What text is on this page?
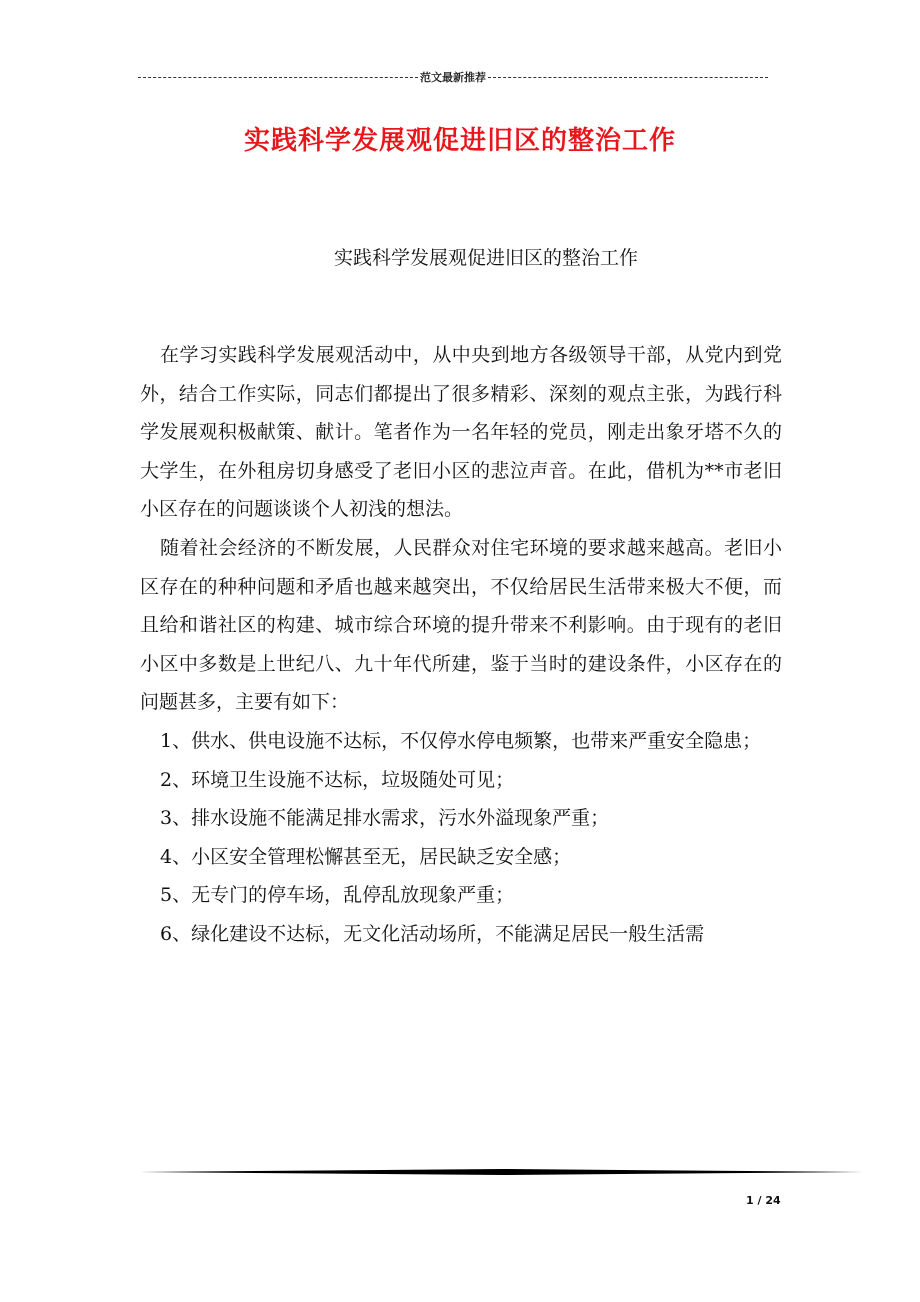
范文最新推荐
实践科学发展观促进旧区的整治工作
实践科学发展观促进旧区的整治工作

在学习实践科学发展观活动中，从中央到地方各级领导干部，从党内到党外，结合工作实际，同志们都提出了很多精彩、深刻的观点主张，为践行科学发展观积极献策、献计。笔者作为一名年轻的党员，刚走出象牙塔不久的大学生，在外租房切身感受了老旧小区的悲泣声音。在此，借机为**市老旧小区存在的问题谈谈个人初浅的想法。

随着社会经济的不断发展，人民群众对住宅环境的要求越来越高。老旧小区存在的种种问题和矛盾也越来越突出，不仅给居民生活带来极大不便，而且给和谐社区的构建、城市综合环境的提升带来不利影响。由于现有的老旧小区中多数是上世纪八、九十年代所建，鉴于当时的建设条件，小区存在的问题甚多，主要有如下：

1、供水、供电设施不达标，不仅停水停电频繁，也带来严重安全隐患；

2、环境卫生设施不达标，垃圾随处可见；

3、排水设施不能满足排水需求，污水外溢现象严重；

4、小区安全管理松懈甚至无，居民缺乏安全感；

5、无专门的停车场，乱停乱放现象严重；

6、绿化建设不达标，无文化活动场所，不能满足居民一般生活需

1 / 24
